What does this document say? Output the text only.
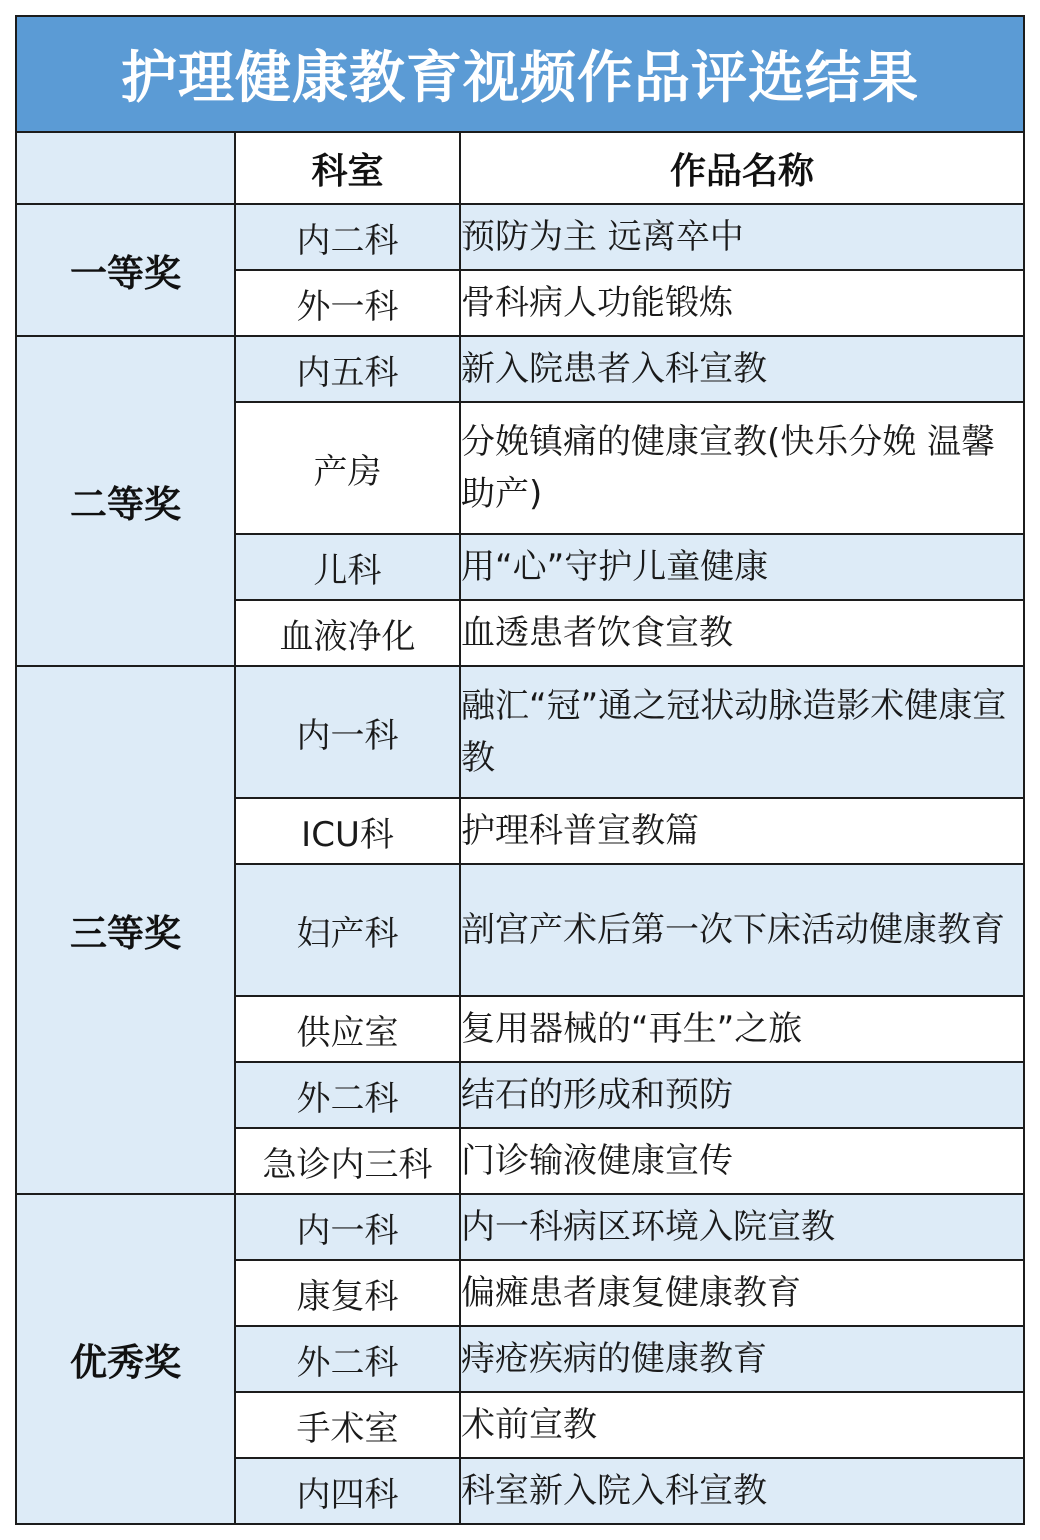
护理健康教育视频作品评选结果		
	科室	作品名称
一等奖	内二科	预防为主 远离卒中
	外一科	骨科病人功能锻炼
二等奖	内五科	新入院患者入科宣教
	产房	分娩镇痛的健康宣教(快乐分娩 温馨助产)
	儿科	用“心”守护儿童健康
	血液净化	血透患者饮食宣教
三等奖	内一科	融汇“冠”通之冠状动脉造影术健康宣教
	ICU科	护理科普宣教篇
	妇产科	剖宫产术后第一次下床活动健康教育
	供应室	复用器械的“再生”之旅
	外二科	结石的形成和预防
	急诊内三科	门诊输液健康宣传
优秀奖	内一科	内一科病区环境入院宣教
	康复科	偏瘫患者康复健康教育
	外二科	痔疮疾病的健康教育
	手术室	术前宣教
	内四科	科室新入院入科宣教
